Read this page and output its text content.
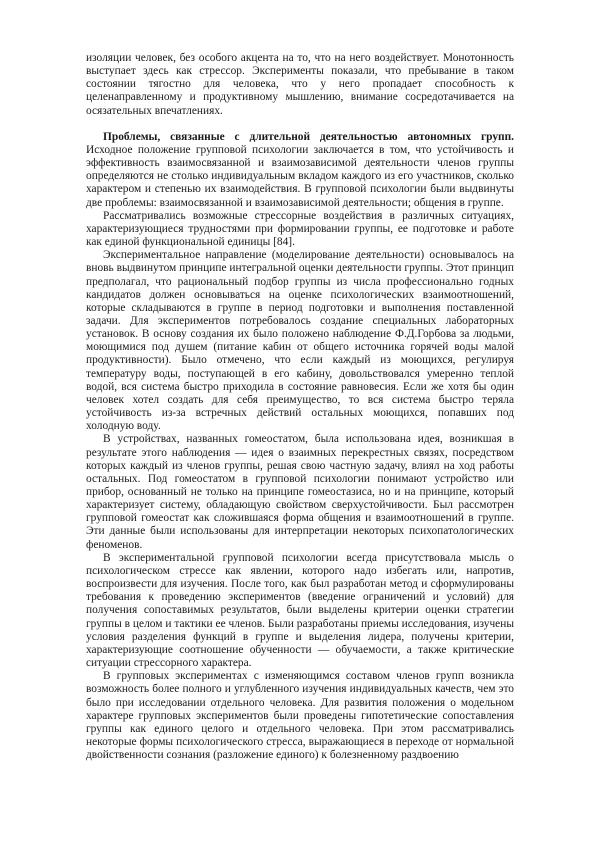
изоляции человек, без особого акцента на то, что на него воздействует. Монотонность выступает здесь как стрессор. Эксперименты показали, что пребывание в таком состоянии тягостно для человека, что у него пропадает способность к целенаправленному и продуктивному мышлению, внимание сосредотачивается на осязательных впечатлениях.

Проблемы, связанные с длительной деятельностью автономных групп. Исходное положение групповой психологии заключается в том, что устойчивость и эффективность взаимосвязанной и взаимозависимой деятельности членов группы определяются не столько индивидуальным вкладом каждого из его участников, сколько характером и степенью их взаимодействия. В групповой психологии были выдвинуты две проблемы: взаимосвязанной и взаимозависимой деятельности; общения в группе.

Рассматривались возможные стрессорные воздействия в различных ситуациях, характеризующиеся трудностями при формировании группы, ее подготовке и работе как единой функциональной единицы [84].

Экспериментальное направление (моделирование деятельности) основывалось на вновь выдвинутом принципе интегральной оценки деятельности группы. Этот принцип предполагал, что рациональный подбор группы из числа профессионально годных кандидатов должен основываться на оценке психологических взаимоотношений, которые складываются в группе в период подготовки и выполнения поставленной задачи. Для экспериментов потребовалось создание специальных лабораторных установок. В основу создания их было положено наблюдение Ф.Д.Горбова за людьми, моющимися под душем (питание кабин от общего источника горячей воды малой продуктивности). Было отмечено, что если каждый из моющихся, регулируя температуру воды, поступающей в его кабину, довольствовался умеренно теплой водой, вся система быстро приходила в состояние равновесия. Если же хотя бы один человек хотел создать для себя преимущество, то вся система быстро теряла устойчивость из-за встречных действий остальных моющихся, попавших под холодную воду.

В устройствах, названных гомеостатом, была использована идея, возникшая в результате этого наблюдения — идея о взаимных перекрестных связях, посредством которых каждый из членов группы, решая свою частную задачу, влиял на ход работы остальных. Под гомеостатом в групповой психологии понимают устройство или прибор, основанный не только на принципе гомеостазиса, но и на принципе, который характеризует систему, обладающую свойством сверхустойчивости. Был рассмотрен групповой гомеостат как сложившаяся форма общения и взаимоотношений в группе. Эти данные были использованы для интерпретации некоторых психопатологических феноменов.

В экспериментальной групповой психологии всегда присутствовала мысль о психологическом стрессе как явлении, которого надо избегать или, напротив, воспроизвести для изучения. После того, как был разработан метод и сформулированы требования к проведению экспериментов (введение ограничений и условий) для получения сопоставимых результатов, были выделены критерии оценки стратегии группы в целом и тактики ее членов. Были разработаны приемы исследования, изучены условия разделения функций в группе и выделения лидера, получены критерии, характеризующие соотношение обученности — обучаемости, а также критические ситуации стрессорного характера.

В групповых экспериментах с изменяющимся составом членов групп возникла возможность более полного и углубленного изучения индивидуальных качеств, чем это было при исследовании отдельного человека. Для развития положения о модельном характере групповых экспериментов были проведены гипотетические сопоставления группы как единого целого и отдельного человека. При этом рассматривались некоторые формы психологического стресса, выражающиеся в переходе от нормальной двойственности сознания (разложение единого) к болезненному раздвоению
